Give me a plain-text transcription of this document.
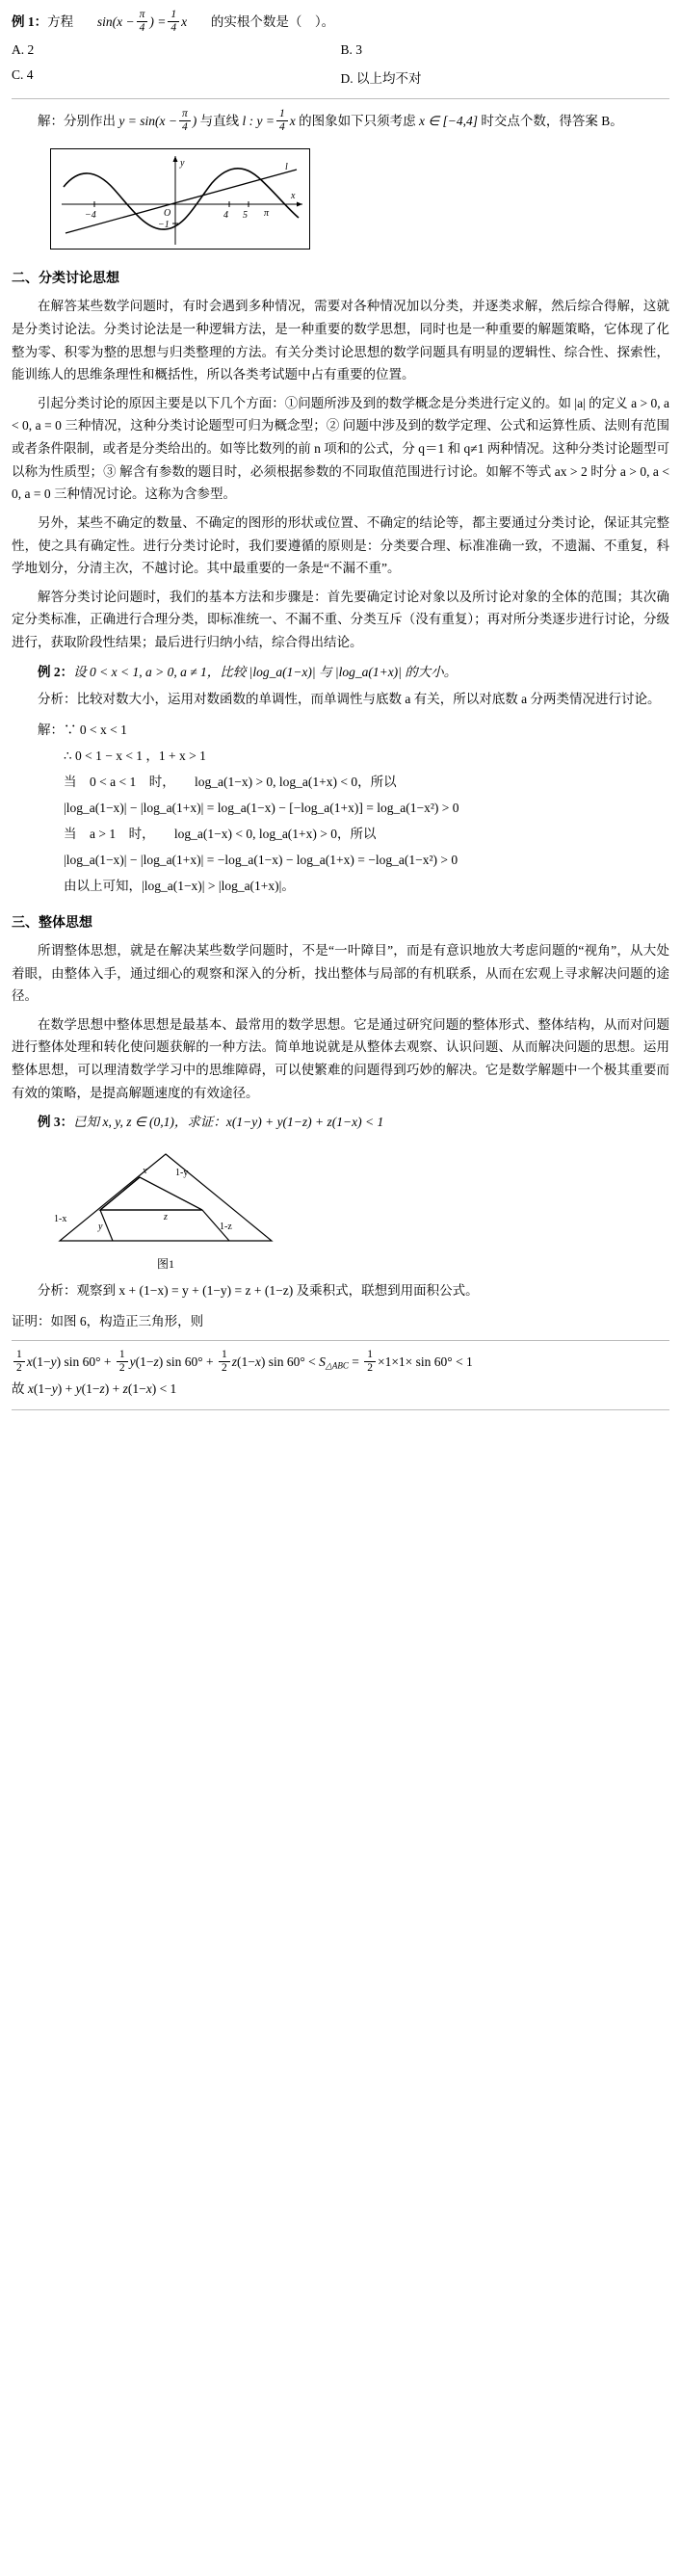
例 1：方程 $\sin(x - \frac{\pi}{4}$ ) = $\frac{1}{4}$ x 的实根个数是（　）。
A. 2	B. 3
C. 4	D. 以上均不对
解：分别作出 $y = \sin(x - \frac{\pi}{4}$ ) 与直线 l : $y = \frac{1}{4}$ x 的图象如下只须考虑 x ∈ [−4,4] 时交点个数，得答案 B。
−4	4 5 π
O
y
x
l
−1
二、分类讨论思想

在解答某些数学问题时，有时会遇到多种情况，需要对各种情况加以分类，并逐类求解，然后综合得解，这就是分类讨论法。分类讨论法是一种逻辑方法，是一种重要的数学思想，同时也是一种重要的解题策略，它体现了化整为零、积零为整的思想与归类整理的方法。有关分类讨论思想的数学问题具有明显的逻辑性、综合性、探索性，能训练人的思维条理性和概括性，所以各类考试题中占有重要的位置。

引起分类讨论的原因主要是以下几个方面：①问题所涉及到的数学概念是分类进行定义的。如 |a| 的定义 a > 0, a < 0, a = 0 三种情况，这种分类讨论题型可归为概念型；② 问题中涉及到的数学定理、公式和运算性质、法则有范围或者条件限制，或者是分类给出的。如等比数列的前 n 项和的公式，分 q＝1 和 q≠1 两种情况。这种分类讨论题型可以称为性质型；③ 解含有参数的题目时，必须根据参数的不同取值范围进行讨论。如解不等式 ax > 2 时分 a > 0, a < 0, a = 0 三种情况讨论。这称为含参型。

另外，某些不确定的数量、不确定的图形的形状或位置、不确定的结论等，都主要通过分类讨论，保证其完整性，使之具有确定性。进行分类讨论时，我们要遵循的原则是：分类要合理、标准准确一致，不遗漏、不重复，科学地划分，分清主次，不越讨论。其中最重要的一条是“不漏不重”。

解答分类讨论问题时，我们的基本方法和步骤是：首先要确定讨论对象以及所讨论对象的全体的范围；其次确定分类标准，正确进行合理分类，即标准统一、不漏不重、分类互斥（没有重复）；再对所分类逐步进行讨论，分级进行，获取阶段性结果；最后进行归纳小结，综合得出结论。

例 2：设 0 < x < 1, a > 0, a ≠ 1，比较 |log_a(1−x)| 与 |log_a(1+x)| 的大小。

分析：比较对数大小，运用对数函数的单调性，而单调性与底数 a 有关，所以对底数 a 分两类情况进行讨论。

解：∵ 0 < x < 1
∴ 0 < 1 − x < 1 ，1 + x > 1
当　0 < a < 1　时，　　log_a(1−x) > 0, log_a(1+x) < 0，所以
|log_a(1−x)| − |log_a(1+x)| = log_a(1−x) − [−log_a(1+x)] = log_a(1−x²) > 0
当　a > 1　时，　　log_a(1−x) < 0, log_a(1+x) > 0，所以
|log_a(1−x)| − |log_a(1+x)| = −log_a(1−x) − log_a(1+x) = −log_a(1−x²) > 0
由以上可知，|log_a(1−x)| > |log_a(1+x)|。
三、整体思想

所谓整体思想，就是在解决某些数学问题时，不是“一叶障目”，而是有意识地放大考虑问题的“视角”，从大处着眼，由整体入手，通过细心的观察和深入的分析，找出整体与局部的有机联系，从而在宏观上寻求解决问题的途径。

在数学思想中整体思想是最基本、最常用的数学思想。它是通过研究问题的整体形式、整体结构，从而对问题进行整体处理和转化使问题获解的一种方法。简单地说就是从整体去观察、认识问题、从而解决问题的思想。运用整体思想，可以理清数学学习中的思维障碍，可以使繁难的问题得到巧妙的解决。它是数学解题中一个极其重要而有效的策略，是提高解题速度的有效途径。

例 3：已知 x, y, z ∈ (0,1)，求证：x(1−y) + y(1−z) + z(1−x) < 1
x	1-y
1-x
y
z
1-z
图1

分析：观察到 x + (1−x) = y + (1−y) = z + (1−z) 及乘积式，联想到用面积公式。

证明：如图 6，构造正三角形，则
$\frac{1}{2} x(1-y)$ $\sin 60^\circ + \frac{1}{2} y(1-z)$ $\sin 60^\circ + \frac{1}{2} z(1-x)$ $\sin 60^\circ < S_{\triangle ABC} = \frac{1}{2} \times 1\times 1\times \sin 60^\circ < 1$
故 x(1−y) + y(1−z) + z(1−x) < 1
